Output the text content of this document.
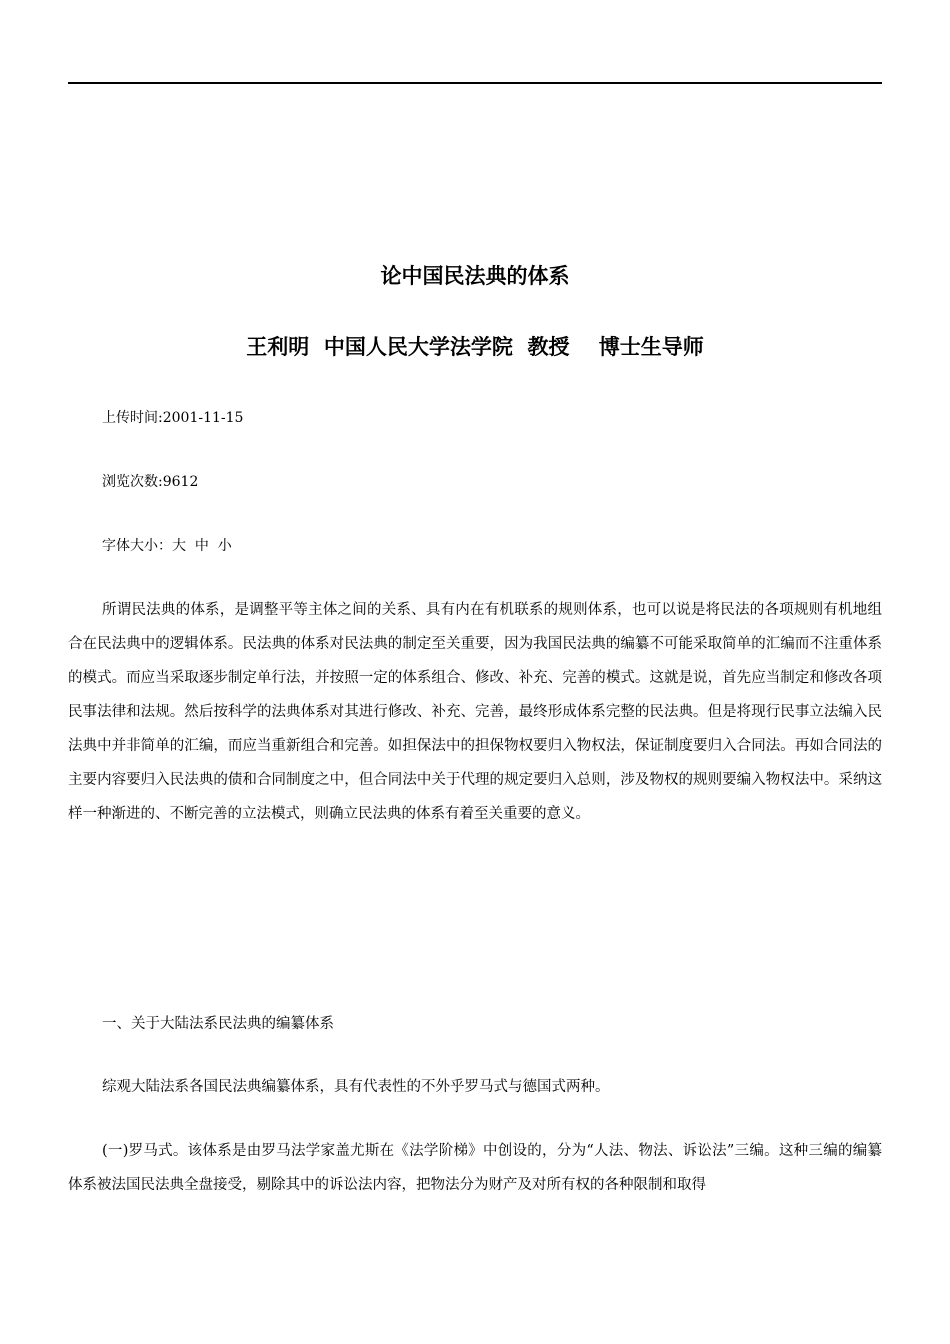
论中国民法典的体系
王利明  中国人民大学法学院  教授    博士生导师
上传时间:2001-11-15
浏览次数:9612
字体大小：大  中  小

所谓民法典的体系，是调整平等主体之间的关系、具有内在有机联系的规则体系，也可以说是将民法的各项规则有机地组合在民法典中的逻辑体系。民法典的体系对民法典的制定至关重要，因为我国民法典的编纂不可能采取简单的汇编而不注重体系的模式。而应当采取逐步制定单行法，并按照一定的体系组合、修改、补充、完善的模式。这就是说，首先应当制定和修改各项民事法律和法规。然后按科学的法典体系对其进行修改、补充、完善，最终形成体系完整的民法典。但是将现行民事立法编入民法典中并非简单的汇编，而应当重新组合和完善。如担保法中的担保物权要归入物权法，保证制度要归入合同法。再如合同法的主要内容要归入民法典的债和合同制度之中，但合同法中关于代理的规定要归入总则，涉及物权的规则要编入物权法中。采纳这样一种渐进的、不断完善的立法模式，则确立民法典的体系有着至关重要的意义。

一、关于大陆法系民法典的编纂体系

综观大陆法系各国民法典编纂体系，具有代表性的不外乎罗马式与德国式两种。

(一)罗马式。该体系是由罗马法学家盖尤斯在《法学阶梯》中创设的，分为“人法、物法、诉讼法”三编。这种三编的编纂体系被法国民法典全盘接受，剔除其中的诉讼法内容，把物法分为财产及对所有权的各种限制和取得
